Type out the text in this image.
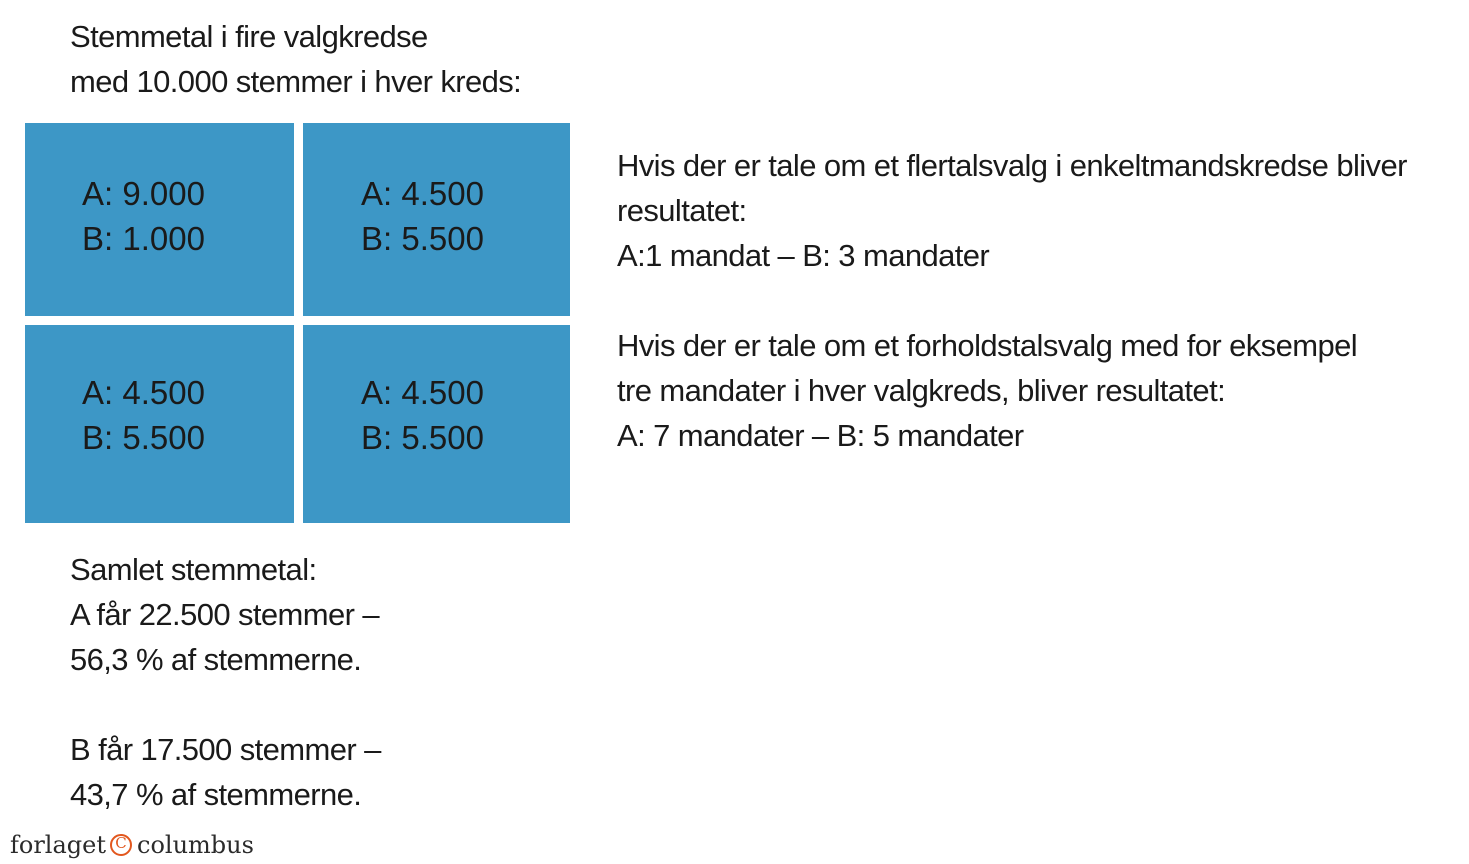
Stemmetal i fire valgkredse
med 10.000 stemmer i hver kreds:
A: 9.000
B: 1.000
A: 4.500
B: 5.500
A: 4.500
B: 5.500
A: 4.500
B: 5.500
Hvis der er tale om et flertalsvalg i enkeltmandskredse bliver
resultatet:
A:1 mandat – B: 3 mandater
Hvis der er tale om et forholdstalsvalg med for eksempel
tre mandater i hver valgkreds, bliver resultatet:
A: 7 mandater – B: 5 mandater
Samlet stemmetal:
A får 22.500 stemmer –
56,3 % af stemmerne.
B får 17.500 stemmer –
43,7 % af stemmerne.
forlaget
C columbus
